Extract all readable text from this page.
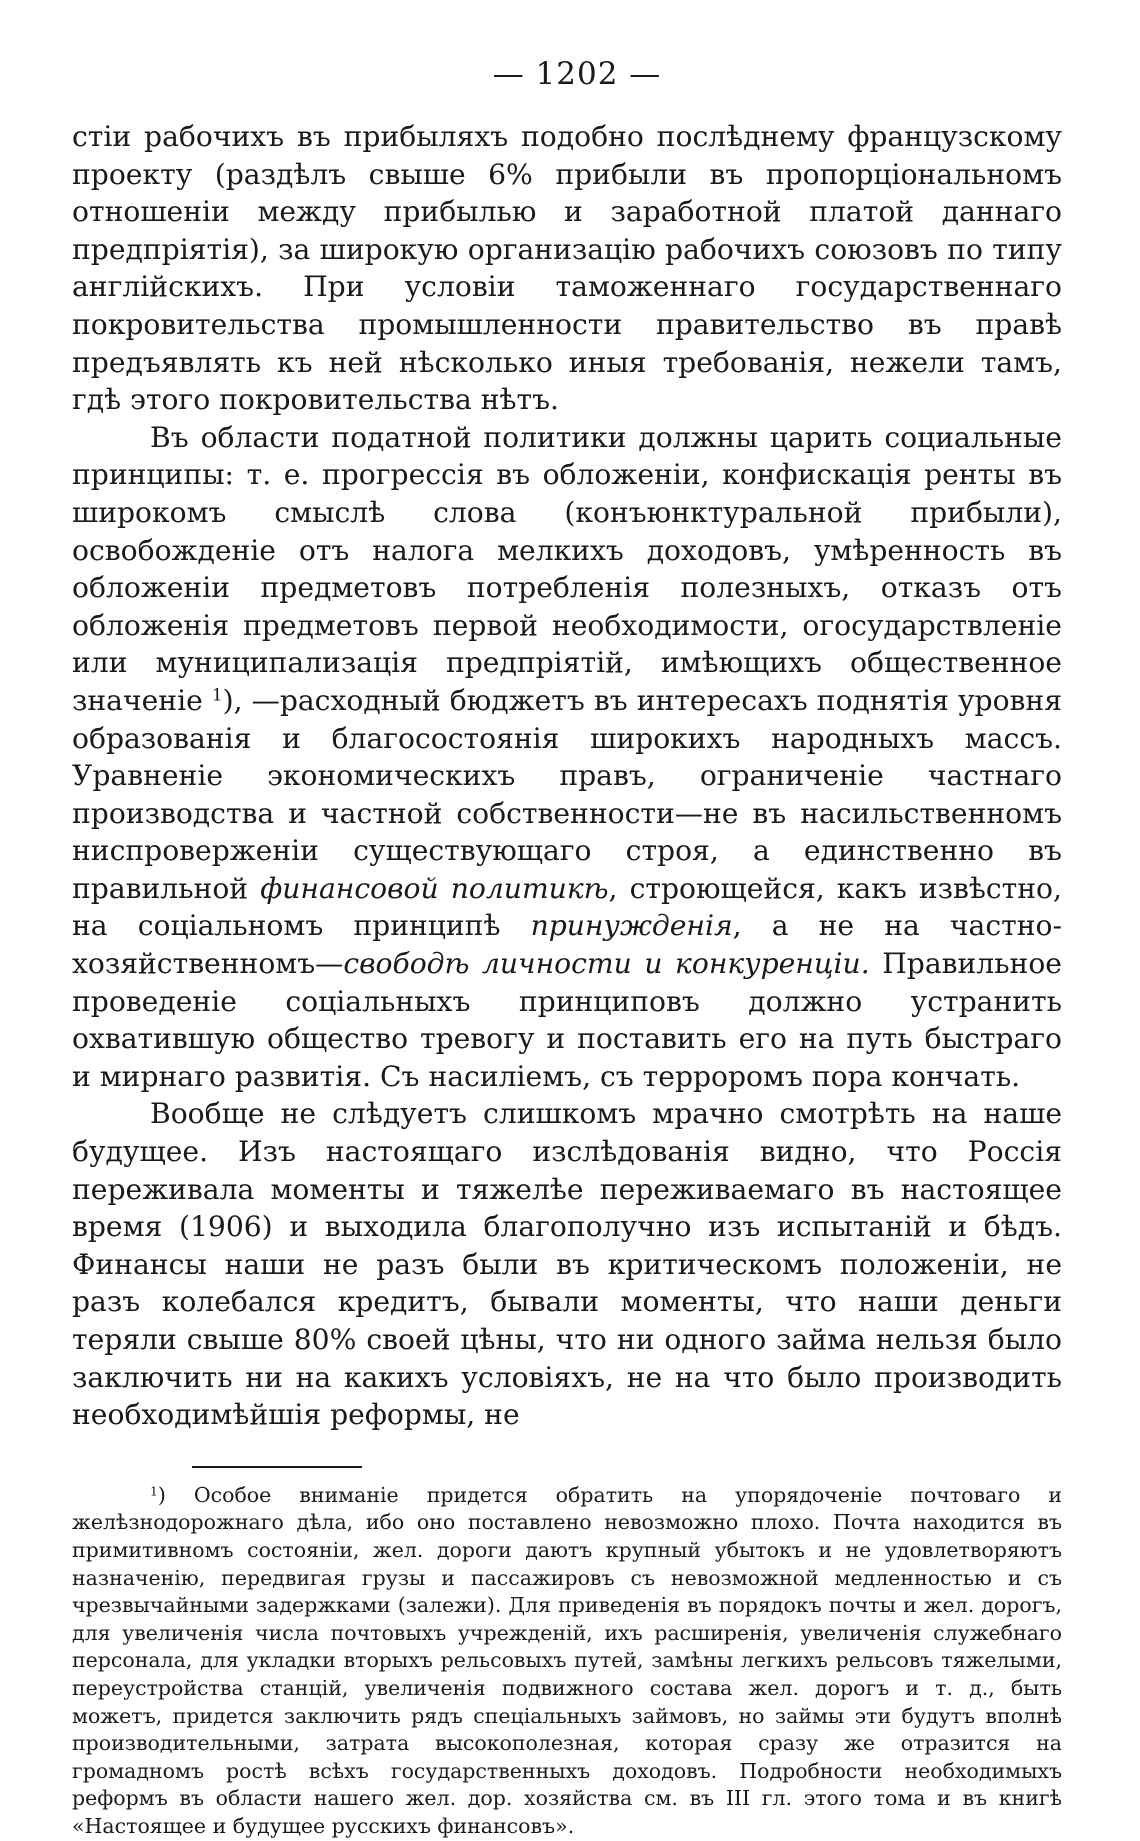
— 1202 —

стіи рабочихъ въ прибыляхъ подобно послѣднему французскому проекту (раздѣлъ свыше 6% прибыли въ пропорціональномъ отношеніи между прибылью и заработной платой даннаго предпріятія), за широкую организацію рабочихъ союзовъ по типу англійскихъ. При условіи таможеннаго государственнаго покровительства промышленности правительство въ правѣ предъявлять къ ней нѣсколько иныя требованія, нежели тамъ, гдѣ этого покровительства нѣтъ.

Въ области податной политики должны царить социальные принципы: т. е. прогрессія въ обложеніи, конфискація ренты въ широкомъ смыслѣ слова (конъюнктуральной прибыли), освобожденіе отъ налога мелкихъ доходовъ, умѣренность въ обложеніи предметовъ потребленія полезныхъ, отказъ отъ обложенія предметовъ первой необходимости, огосударствленіе или муниципализація предпріятій, имѣющихъ общественное значеніе $^1$), —расходный бюджетъ въ интересахъ поднятія уровня образованія и благосостоянія широкихъ народныхъ массъ. Уравненіе экономическихъ правъ, ограниченіе частнаго производства и частной собственности—не въ насильственномъ ниспроверженіи существующаго строя, а единственно въ правильной финансовой политикѣ, строющейся, какъ извѣстно, на соціальномъ принципѣ принужденія, а не на частно-хозяйственномъ—свободѣ личности и конкуренціи. Правильное проведеніе соціальныхъ принциповъ должно устранить охватившую общество тревогу и поставить его на путь быстраго и мирнаго развитія. Съ насиліемъ, съ терроромъ пора кончать.

Вообще не слѣдуетъ слишкомъ мрачно смотрѣть на наше будущее. Изъ настоящаго изслѣдованія видно, что Россія переживала моменты и тяжелѣе переживаемаго въ настоящее время (1906) и выходила благополучно изъ испытаній и бѣдъ. Финансы наши не разъ были въ критическомъ положеніи, не разъ колебался кредитъ, бывали моменты, что наши деньги теряли свыше 80% своей цѣны, что ни одного займа нельзя было заключить ни на какихъ условіяхъ, не на что было производить необходимѣйшія реформы, не

$^1$) Особое вниманіе придется обратить на упорядоченіе почтоваго и желѣзнодорожнаго дѣла, ибо оно поставлено невозможно плохо. Почта находится въ примитивномъ состояніи, жел. дороги даютъ крупный убытокъ и не удовлетворяютъ назначенію, передвигая грузы и пассажировъ съ невозможной медленностью и съ чрезвычайными задержками (залежи). Для приведенія въ порядокъ почты и жел. дорогъ, для увеличенія числа почтовыхъ учрежденій, ихъ расширенія, увеличенія служебнаго персонала, для укладки вторыхъ рельсовыхъ путей, замѣны легкихъ рельсовъ тяжелыми, переустройства станцій, увеличенія подвижного состава жел. дорогъ и т. д., быть можетъ, придется заключить рядъ спеціальныхъ займовъ, но займы эти будутъ вполнѣ производительными, затрата высокополезная, которая сразу же отразится на громадномъ ростѣ всѣхъ государственныхъ доходовъ. Подробности необходимыхъ реформъ въ области нашего жел. дор. хозяйства см. въ III гл. этого тома и въ книгѣ «Настоящее и будущее русскихъ финансовъ».
